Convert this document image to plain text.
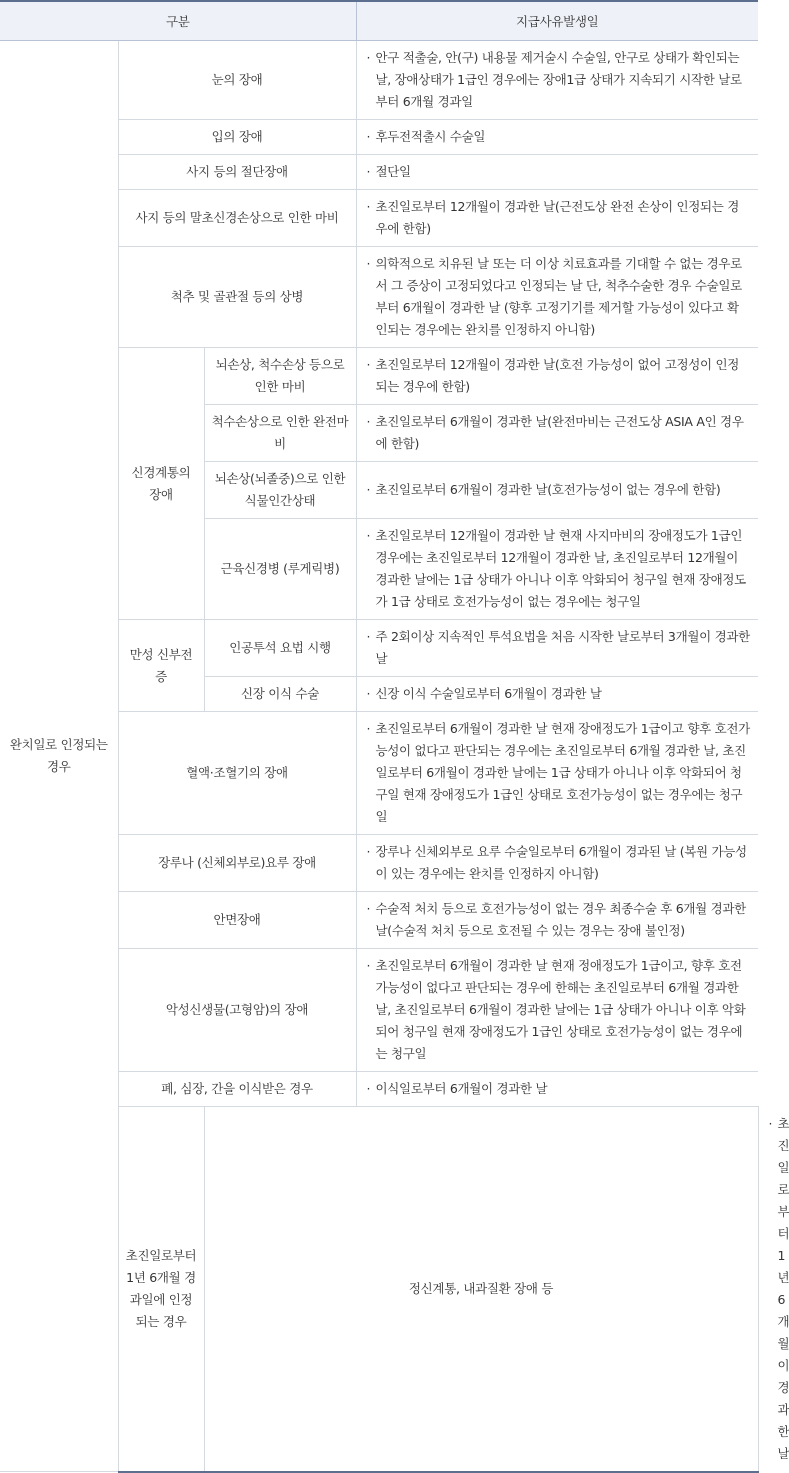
구분			지급사유발생일	
완치일로 인정되는 경우	눈의 장애		· 안구 적출술, 안(구) 내용물 제거술시 수술일, 안구로 상태가 확인되는 날, 장애상태가 1급인 경우에는 장애1급 상태가 지속되기 시작한 날로부터 6개월 경과일	

	입의 장애		· 후두전적출시 수술일	

	사지 등의 절단장애		· 절단일	

	사지 등의 말초신경손상으로 인한 마비		· 초진일로부터 12개월이 경과한 날(근전도상 완전 손상이 인정되는 경우에 한함)	

	척추 및 골관절 등의 상병		· 의학적으로 치유된 날 또는 더 이상 치료효과를 기대할 수 없는 경우로서 그 증상이 고정되었다고 인정되는 날 단, 척추수술한 경우 수술일로부터 6개월이 경과한 날 (향후 고정기기를 제거할 가능성이 있다고 확인되는 경우에는 완치를 인정하지 아니함)	

	신경계통의 장애	뇌손상, 척수손상 등으로 인한 마비	· 초진일로부터 12개월이 경과한 날(호전 가능성이 없어 고정성이 인정되는 경우에 한함)	

		척수손상으로 인한 완전마비	· 초진일로부터 6개월이 경과한 날(완전마비는 근전도상 ASIA A인 경우에 한함)	

		뇌손상(뇌졸중)으로 인한 식물인간상태	· 초진일로부터 6개월이 경과한 날(호전가능성이 없는 경우에 한함)	

		근육신경병 (루게릭병)	· 초진일로부터 12개월이 경과한 날 현재 사지마비의 장애정도가 1급인 경우에는 초진일로부터 12개월이 경과한 날, 초진일로부터 12개월이 경과한 날에는 1급 상태가 아니나 이후 악화되어 청구일 현재 장애정도가 1급 상태로 호전가능성이 없는 경우에는 청구일	

	만성 신부전증	인공투석 요법 시행	· 주 2회이상 지속적인 투석요법을 처음 시작한 날로부터 3개월이 경과한 날	

		신장 이식 수술	· 신장 이식 수술일로부터 6개월이 경과한 날	

	혈액·조혈기의 장애		· 초진일로부터 6개월이 경과한 날 현재 장애정도가 1급이고 향후 호전가능성이 없다고 판단되는 경우에는 초진일로부터 6개월 경과한 날, 초진일로부터 6개월이 경과한 날에는 1급 상태가 아니나 이후 악화되어 청구일 현재 장애정도가 1급인 상태로 호전가능성이 없는 경우에는 청구일	

	장루나 (신체외부로)요루 장애		· 장루나 신체외부로 요루 수술일로부터 6개월이 경과된 날 (복원 가능성이 있는 경우에는 완치를 인정하지 아니함)	

	안면장애		· 수술적 처치 등으로 호전가능성이 없는 경우 최종수술 후 6개월 경과한 날(수술적 처치 등으로 호전될 수 있는 경우는 장애 불인정)	

	악성신생물(고형암)의 장애		· 초진일로부터 6개월이 경과한 날 현재 정애정도가 1급이고, 향후 호전 가능성이 없다고 판단되는 경우에 한해는 초진일로부터 6개월 경과한 날, 초진일로부터 6개월이 경과한 날에는 1급 상태가 아니나 이후 악화되어 청구일 현재 장애정도가 1급인 상태로 호전가능성이 없는 경우에는 청구일	

	폐, 심장, 간을 이식받은 경우		· 이식일로부터 6개월이 경과한 날	

	초진일로부터 1년 6개월 경과일에 인정되는 경우	정신계통, 내과질환 장애 등		· 초진일로부터 1년 6개월이 경과한 날
